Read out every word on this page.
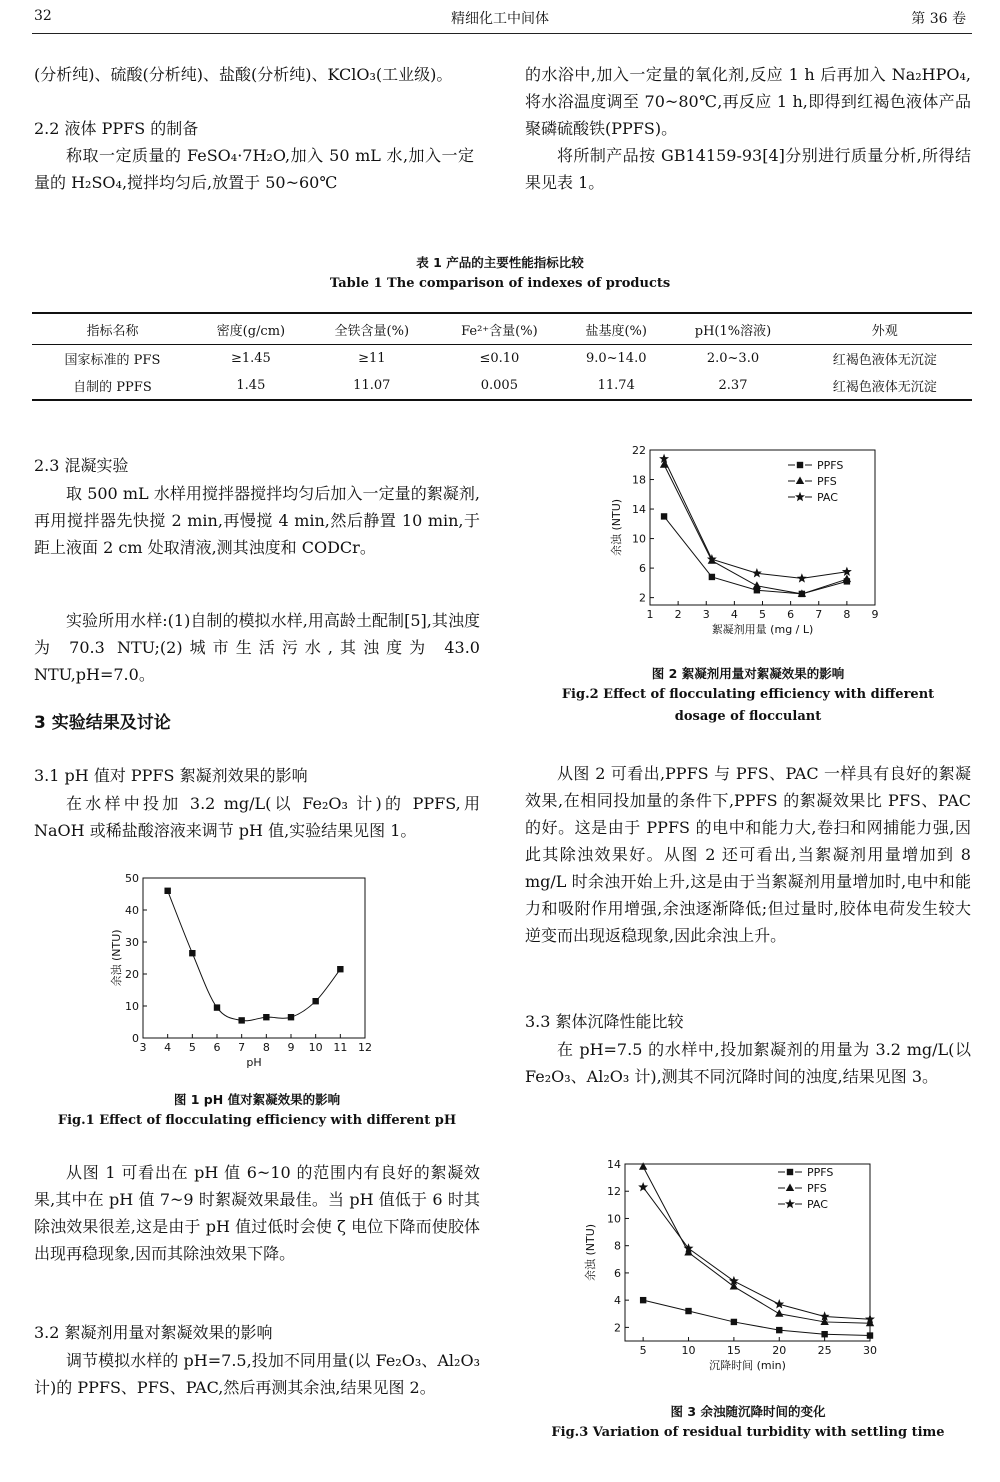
32	精细化工中间体	第 36 卷

(分析纯)、硫酸(分析纯)、盐酸(分析纯)、KClO₃(工业级)。

2.2 液体 PPFS 的制备

称取一定质量的 FeSO₄·7H₂O,加入 50 mL 水,加入一定量的 H₂SO₄,搅拌均匀后,放置于 50~60℃

的水浴中,加入一定量的氧化剂,反应 1 h 后再加入 Na₂HPO₄,将水浴温度调至 70~80℃,再反应 1 h,即得到红褐色液体产品聚磷硫酸铁(PPFS)。

将所制产品按 GB14159-93[4]分别进行质量分析,所得结果见表 1。

表 1 产品的主要性能指标比较
Table 1 The comparison of indexes of products
指标名称	密度(g/cm)	全铁含量(%)	Fe²⁺含量(%)	盐基度(%)	pH(1%溶液)	外观
国家标准的 PFS	≥1.45	≥11	≤0.10	9.0~14.0	2.0~3.0	红褐色液体无沉淀
自制的 PPFS	1.45	11.07	0.005	11.74	2.37	红褐色液体无沉淀

2.3 混凝实验

取 500 mL 水样用搅拌器搅拌均匀后加入一定量的絮凝剂,再用搅拌器先快搅 2 min,再慢搅 4 min,然后静置 10 min,于距上液面 2 cm 处取清液,测其浊度和 CODCr。

实验所用水样:(1)自制的模拟水样,用高龄土配制[5],其浊度为 70.3 NTU;(2)城市生活污水,其浊度为 43.0 NTU,pH=7.0。

3 实验结果及讨论

3.1 pH 值对 PPFS 絮凝剂效果的影响

在水样中投加 3.2 mg/L(以 Fe₂O₃ 计)的 PPFS,用 NaOH 或稀盐酸溶液来调节 pH 值,实验结果见图 1。

3 4 5 6 7 8 9 10 11 12
0
10
20
30
40
50
pH
余浊 (NTU)
图 1 pH 值对絮凝效果的影响
Fig.1 Effect of flocculating efficiency with different pH

从图 1 可看出在 pH 值 6~10 的范围内有良好的絮凝效果,其中在 pH 值 7~9 时絮凝效果最佳。当 pH 值低于 6 时其除浊效果很差,这是由于 pH 值过低时会使 ζ 电位下降而使胶体出现再稳现象,因而其除浊效果下降。

3.2 絮凝剂用量对絮凝效果的影响

调节模拟水样的 pH=7.5,投加不同用量(以 Fe₂O₃、Al₂O₃ 计)的 PPFS、PFS、PAC,然后再测其余浊,结果见图 2。

1 2 3 4 5 6 7 8 9
2
6
10
14
18
22
絮凝剂用量 (mg / L)
余浊 (NTU)
PPFS
PFS
PAC
图 2 絮凝剂用量对絮凝效果的影响
Fig.2 Effect of flocculating efficiency with different
dosage of flocculant

从图 2 可看出,PPFS 与 PFS、PAC 一样具有良好的絮凝效果,在相同投加量的条件下,PPFS 的絮凝效果比 PFS、PAC 的好。这是由于 PPFS 的电中和能力大,卷扫和网捕能力强,因此其除浊效果好。从图 2 还可看出,当絮凝剂用量增加到 8 mg/L 时余浊开始上升,这是由于当絮凝剂用量增加时,电中和能力和吸附作用增强,余浊逐渐降低;但过量时,胶体电荷发生较大逆变而出现返稳现象,因此余浊上升。

3.3 絮体沉降性能比较

在 pH=7.5 的水样中,投加絮凝剂的用量为 3.2 mg/L(以 Fe₂O₃、Al₂O₃ 计),测其不同沉降时间的浊度,结果见图 3。

5	10	15	20	25	30
2
4
6
8
10
12
14
沉降时间 (min)
余浊 (NTU)
PPFS
PFS
PAC
图 3 余浊随沉降时间的变化
Fig.3 Variation of residual turbidity with settling time
